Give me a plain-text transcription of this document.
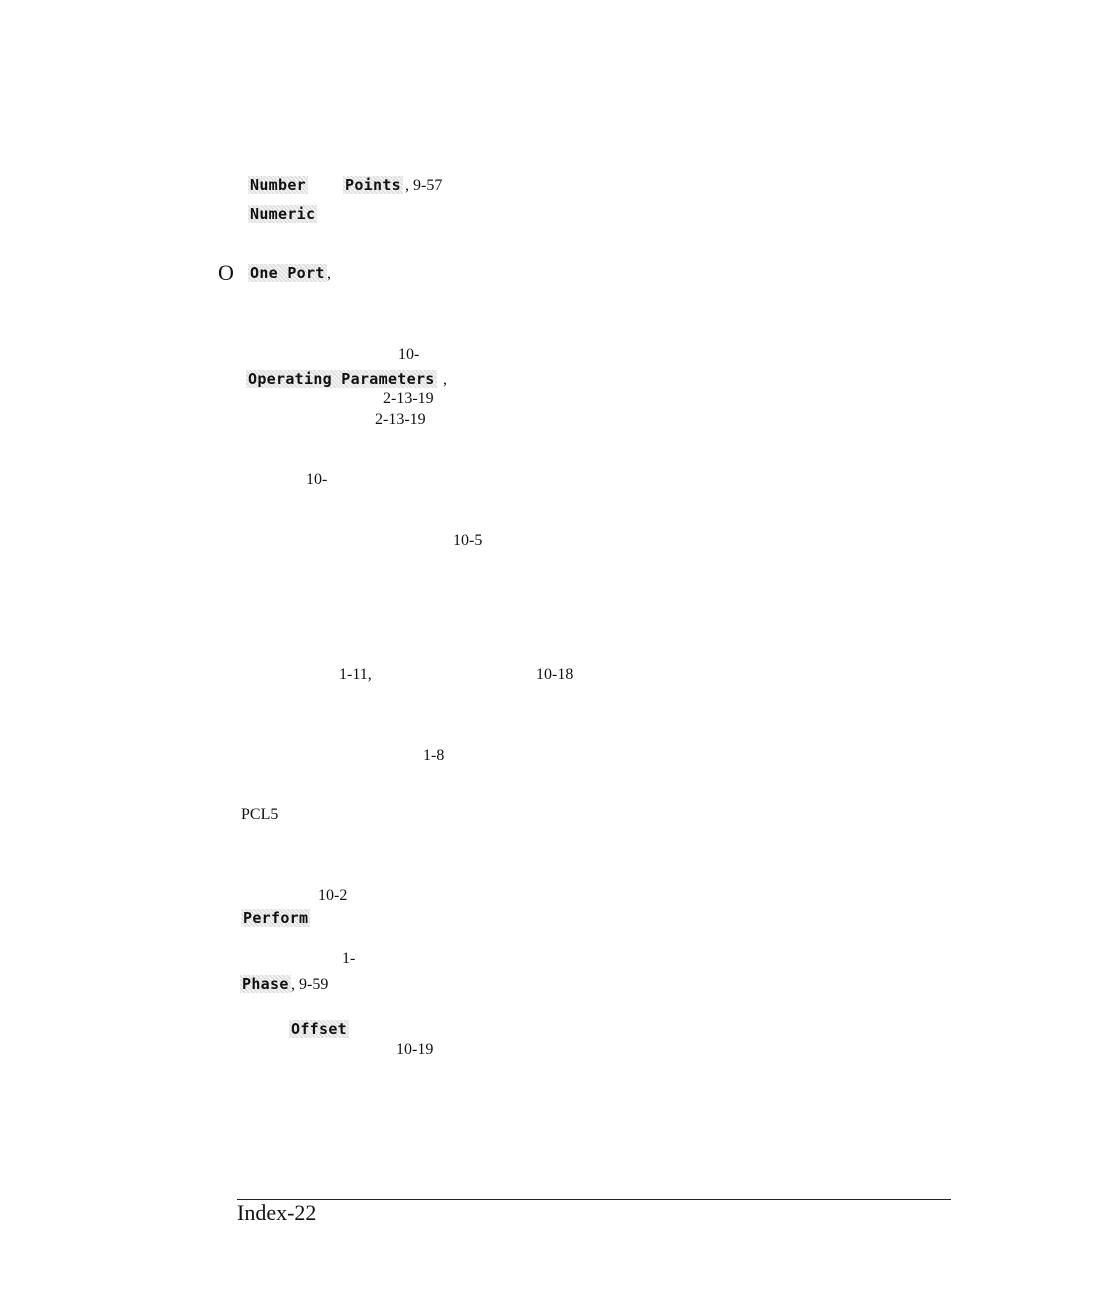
Number	Points , 9-57
Numeric
O One Port ,
10-
Operating Parameters ,
2-13-19
2-13-19
10-
10-5
1-11,	10-18
1-8
PCL5
10-2
Perform
1-
Phase , 9-59
Offset
10-19
Index-22
